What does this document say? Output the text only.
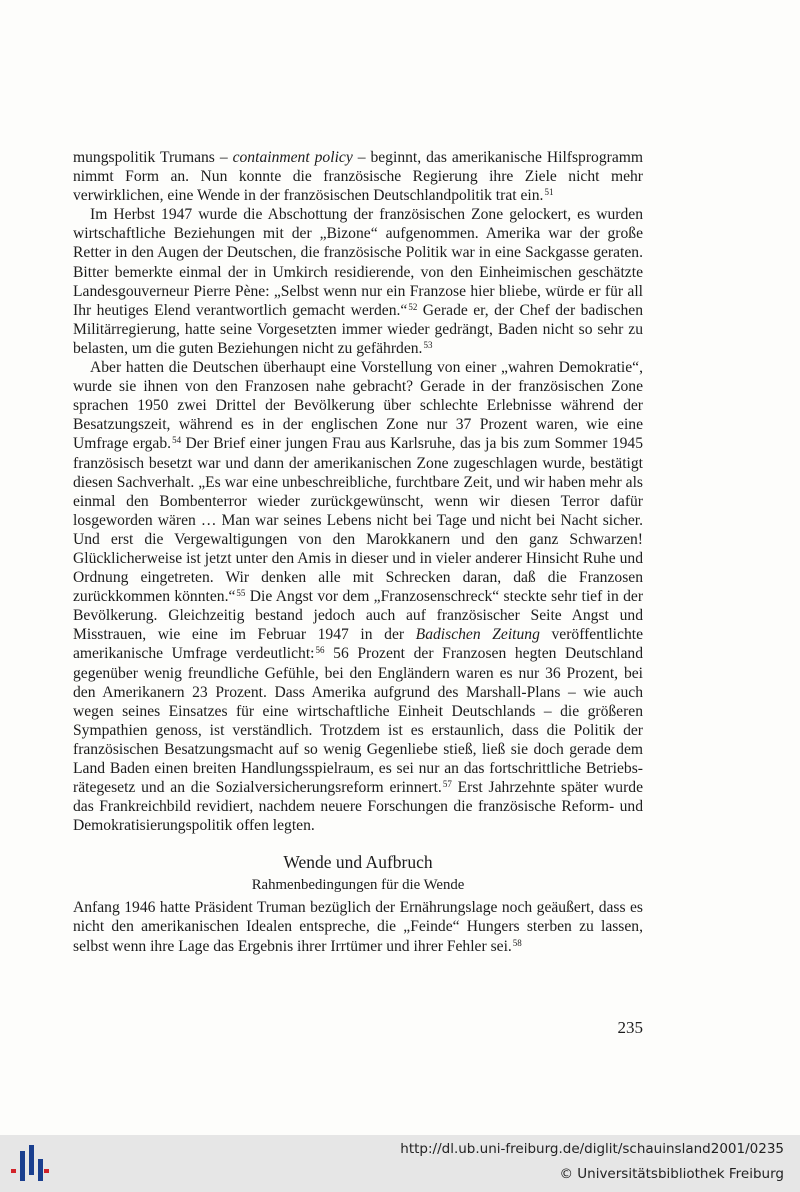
mungspolitik Trumans – containment policy – beginnt, das amerikanische Hilfsprogramm nimmt Form an. Nun konnte die französische Regierung ihre Ziele nicht mehr verwirklichen, eine Wende in der französischen Deutschlandpolitik trat ein.$^{51}$

Im Herbst 1947 wurde die Abschottung der französischen Zone gelockert, es wurden wirtschaftliche Beziehungen mit der „Bizone“ aufgenommen. Amerika war der große Retter in den Augen der Deutschen, die französische Politik war in eine Sackgasse geraten. Bitter bemerkte einmal der in Umkirch residierende, von den Einheimischen geschätzte Landesgouverneur Pierre Pène: „Selbst wenn nur ein Franzose hier bliebe, würde er für all Ihr heutiges Elend verantwortlich gemacht werden.“$^{52}$ Gerade er, der Chef der badischen Militärregierung, hatte seine Vorgesetzten immer wieder gedrängt, Baden nicht so sehr zu belasten, um die guten Beziehungen nicht zu gefährden.$^{53}$

Aber hatten die Deutschen überhaupt eine Vorstellung von einer „wahren Demokratie“, wurde sie ihnen von den Franzosen nahe gebracht? Gerade in der französischen Zone sprachen 1950 zwei Drittel der Bevölkerung über schlechte Erlebnisse während der Besatzungszeit, während es in der englischen Zone nur 37 Prozent waren, wie eine Umfrage ergab.$^{54}$ Der Brief einer jungen Frau aus Karlsruhe, das ja bis zum Sommer 1945 französisch besetzt war und dann der amerikanischen Zone zugeschlagen wurde, bestätigt diesen Sachverhalt. „Es war eine unbeschreibliche, furchtbare Zeit, und wir haben mehr als einmal den Bombenterror wieder zurückgewünscht, wenn wir diesen Terror dafür losgeworden wären … Man war seines Lebens nicht bei Tage und nicht bei Nacht sicher. Und erst die Vergewaltigungen von den Marokkanern und den ganz Schwarzen! Glücklicherweise ist jetzt unter den Amis in dieser und in vieler anderer Hinsicht Ruhe und Ordnung eingetreten. Wir denken alle mit Schrecken daran, daß die Franzosen zurückkommen könnten.“$^{55}$ Die Angst vor dem „Franzosenschreck“ steckte sehr tief in der Bevölkerung. Gleichzeitig bestand jedoch auch auf französischer Seite Angst und Misstrauen, wie eine im Februar 1947 in der Badischen Zeitung veröffentlichte amerikanische Umfrage verdeutlicht:$^{56}$ 56 Prozent der Franzosen hegten Deutschland gegenüber wenig freundliche Gefühle, bei den Engländern waren es nur 36 Prozent, bei den Amerikanern 23 Prozent. Dass Amerika aufgrund des Marshall-Plans – wie auch wegen seines Einsatzes für eine wirtschaftliche Einheit Deutschlands – die größeren Sympathien genoss, ist verständlich. Trotzdem ist es erstaunlich, dass die Politik der französischen Besatzungsmacht auf so wenig Gegenliebe stieß, ließ sie doch gerade dem Land Baden einen breiten Handlungsspielraum, es sei nur an das fortschrittliche Betriebsrätegesetz und an die Sozialversicherungsreform erinnert.$^{57}$ Erst Jahrzehnte später wurde das Frankreichbild revidiert, nachdem neuere Forschungen die französische Reform- und Demokratisierungspolitik offen legten.

Wende und Aufbruch
Rahmenbedingungen für die Wende

Anfang 1946 hatte Präsident Truman bezüglich der Ernährungslage noch geäußert, dass es nicht den amerikanischen Idealen entspreche, die „Feinde“ Hungers sterben zu lassen, selbst wenn ihre Lage das Ergebnis ihrer Irrtümer und ihrer Fehler sei.$^{58}$

235
http://dl.ub.uni-freiburg.de/diglit/schauinsland2001/0235
© Universitätsbibliothek Freiburg
